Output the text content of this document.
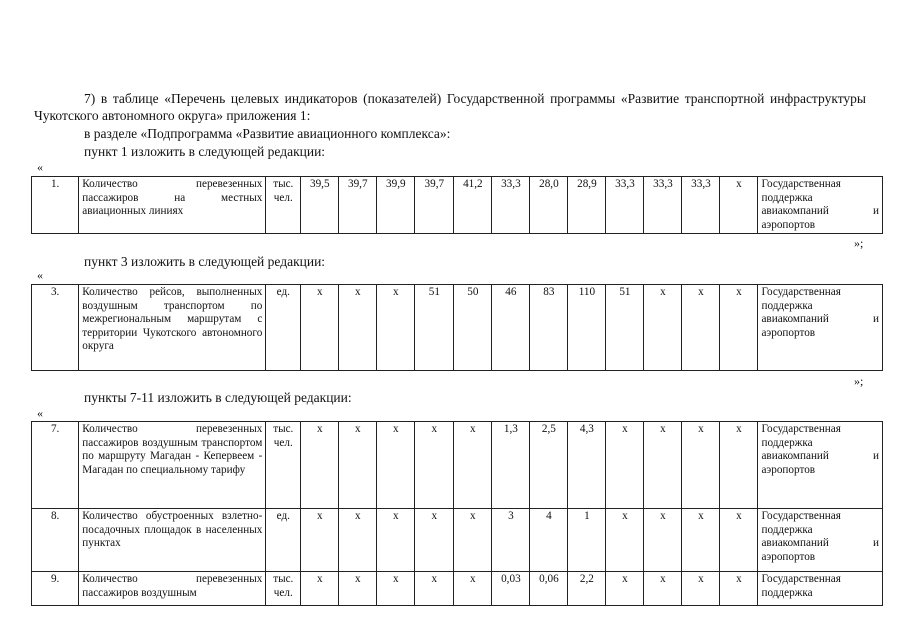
7) в таблице «Перечень целевых индикаторов (показателей) Государственной программы «Развитие транспортной инфраструктуры Чукотского автономного округа» приложения 1:

в разделе «Подпрограмма «Развитие авиационного комплекса»:

пункт 1 изложить в следующей редакции:

«
1.	Количество перевезенных пассажиров на местных авиационных линиях	тыс. чел.	39,5	39,7	39,9	39,7	41,2	33,3	28,0	28,9	33,3	33,3	33,3	х	Государственная поддержка авиакомпаний и аэропортов
»;

пункт 3 изложить в следующей редакции:

«
3.	Количество рейсов, выполненных воздушным транспортом по межрегиональным маршрутам с территории Чукотского автономного округа	ед.	х	х	х	51	50	46	83	110	51	х	х	х	Государственная поддержка авиакомпаний и аэропортов
»;

пункты 7-11 изложить в следующей редакции:

«
7.	Количество перевезенных пассажиров воздушным транспортом по маршруту Магадан - Кепервеем - Магадан по специальному тарифу	тыс. чел.	х	х	х	х	х	1,3	2,5	4,3	х	х	х	х	Государственная поддержка авиакомпаний и аэропортов
8.	Количество обустроенных взлетно-посадочных площадок в населенных пунктах	ед.	х	х	х	х	х	3	4	1	х	х	х	х	Государственная поддержка авиакомпаний и аэропортов
9.	Количество перевезенных пассажиров воздушным	тыс. чел.	х	х	х	х	х	0,03	0,06	2,2	х	х	х	х	Государственная поддержка
